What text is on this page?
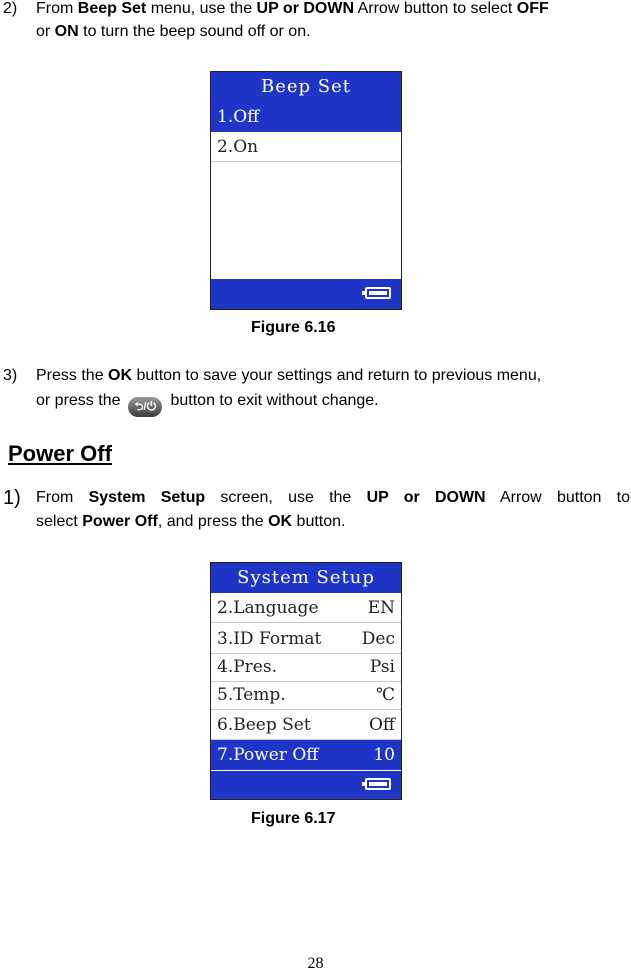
2) From Beep Set menu, use the UP or DOWN Arrow button to select OFF
or ON to turn the beep sound off or on.
Beep Set
1.Off
2.On
Figure 6.16
3) Press the OK button to save your settings and return to previous menu,
or press the ⮌/⏻ button to exit without change.
Power Off
1) From System Setup screen, use the UP or DOWN Arrow button to
select Power Off, and press the OK button.
System Setup
2.Language	EN
3.ID Format Dec
4.Pres.	Psi
5.Temp.	℃
6.Beep Set	Off
7.Power Off	10
Figure 6.17
28
